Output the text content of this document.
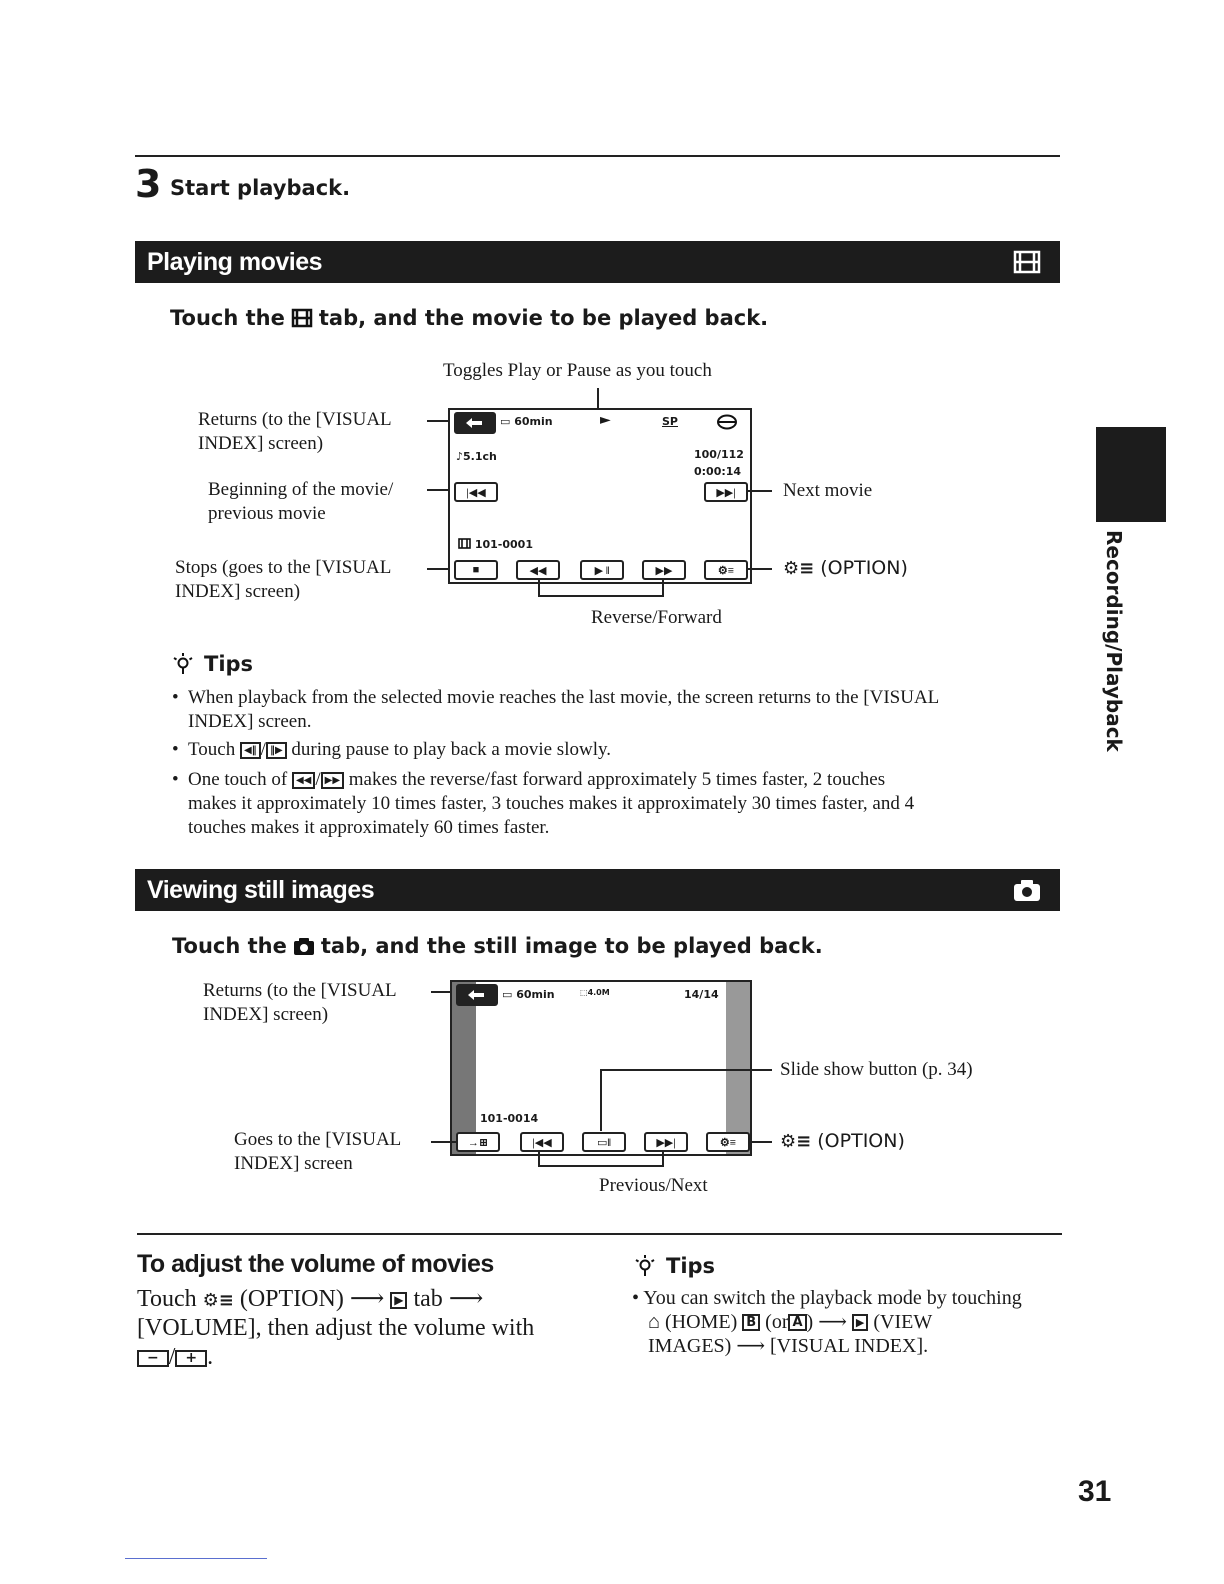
3 Start playback.
Playing movies
Touch the tab, and the movie to be played back.
Toggles Play or Pause as you touch
Returns (to the [VISUAL
INDEX] screen)
Beginning of the movie/
previous movie
Stops (goes to the [VISUAL
INDEX] screen)
▭ 60min	►	SP
♪5.1ch	100/112
0:00:14
|◀◀	▶▶|
101-0001
■	◀◀	▶ ‖	▶▶	⚙≡
Next movie
⚙≡ (OPTION)
Reverse/Forward
Tips
• When playback from the selected movie reaches the last movie, the screen returns to the [VISUAL
INDEX] screen.
• Touch ◀‖ / ‖▶ during pause to play back a movie slowly.
• One touch of ◀◀ / ▶▶ makes the reverse/fast forward approximately 5 times faster, 2 touches
makes it approximately 10 times faster, 3 touches makes it approximately 30 times faster, and 4
touches makes it approximately 60 times faster.
Viewing still images
Touch the tab, and the still image to be played back.
Returns (to the [VISUAL
INDEX] screen)
▭ 60min	⬚4.0M	14/14
101-0014
→⊞	|◀◀	▭‖	▶▶|	⚙≡
Slide show button (p. 34)
Goes to the [VISUAL
INDEX] screen
⚙≡ (OPTION)
Previous/Next
To adjust the volume of movies
Touch ⚙≡ (OPTION) ⟶ ▶ tab ⟶
[VOLUME], then adjust the volume with
− / + .
Tips
• You can switch the playback mode by touching
⌂ (HOME) B (or A ) ⟶ ▶ (VIEW
IMAGES) ⟶ [VISUAL INDEX].
Recording/Playback
31
